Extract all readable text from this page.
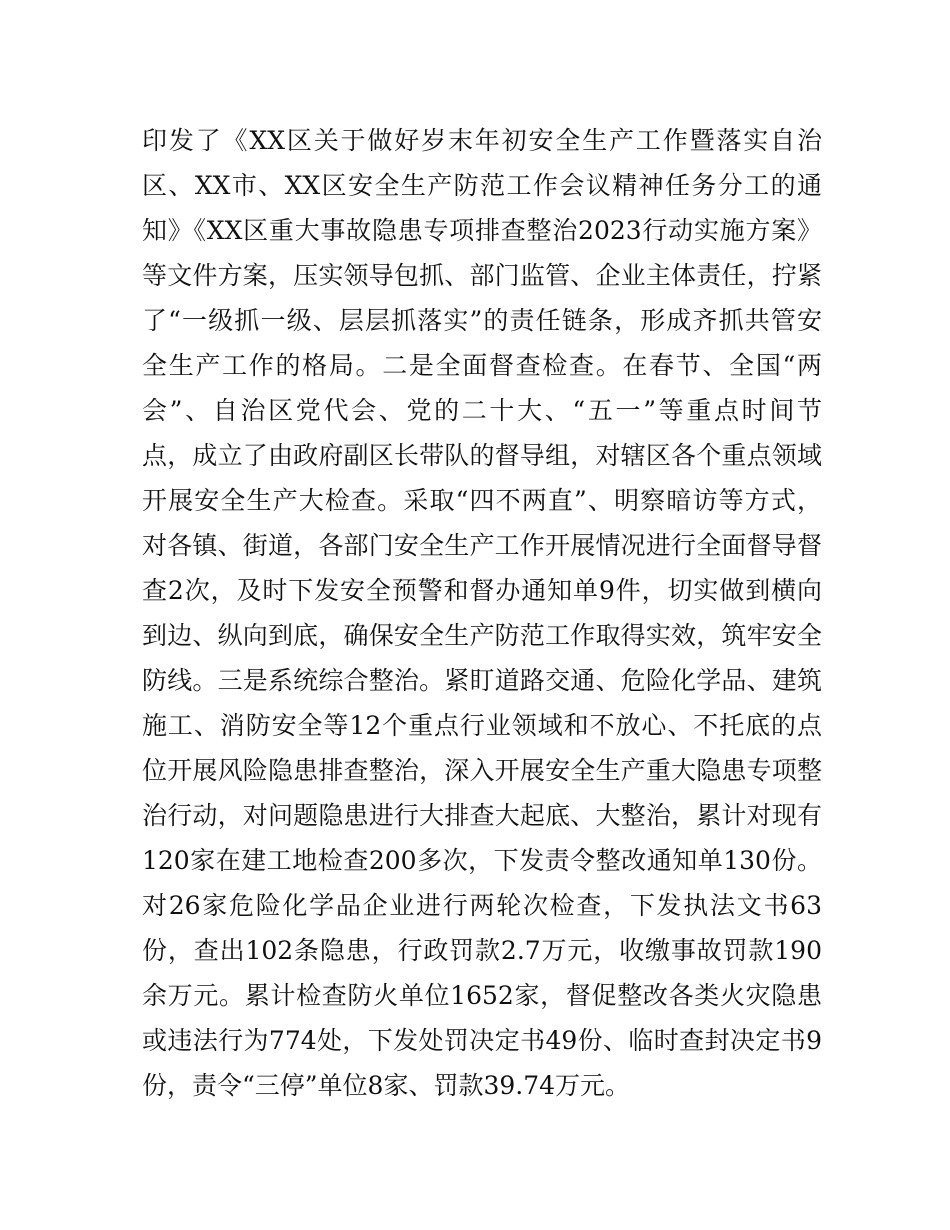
印发了《XX区关于做好岁末年初安全生产工作暨落实自治
区、XX市、XX区安全生产防范工作会议精神任务分工的通
知》《XX区重大事故隐患专项排查整治2023行动实施方案》
等文件方案，压实领导包抓、部门监管、企业主体责任，拧紧
了“一级抓一级、层层抓落实”的责任链条，形成齐抓共管安
全生产工作的格局。二是全面督查检查。在春节、全国“两
会”、自治区党代会、党的二十大、“五一”等重点时间节
点，成立了由政府副区长带队的督导组，对辖区各个重点领域
开展安全生产大检查。采取“四不两直”、明察暗访等方式，
对各镇、街道，各部门安全生产工作开展情况进行全面督导督
查2次，及时下发安全预警和督办通知单9件，切实做到横向
到边、纵向到底，确保安全生产防范工作取得实效，筑牢安全
防线。三是系统综合整治。紧盯道路交通、危险化学品、建筑
施工、消防安全等12个重点行业领域和不放心、不托底的点
位开展风险隐患排查整治，深入开展安全生产重大隐患专项整
治行动，对问题隐患进行大排查大起底、大整治，累计对现有
120家在建工地检查200多次，下发责令整改通知单130份。
对26家危险化学品企业进行两轮次检查，下发执法文书63
份，查出102条隐患，行政罚款2.7万元，收缴事故罚款190
余万元。累计检查防火单位1652家，督促整改各类火灾隐患
或违法行为774处，下发处罚决定书49份、临时查封决定书9
份，责令“三停”单位8家、罚款39.74万元。
